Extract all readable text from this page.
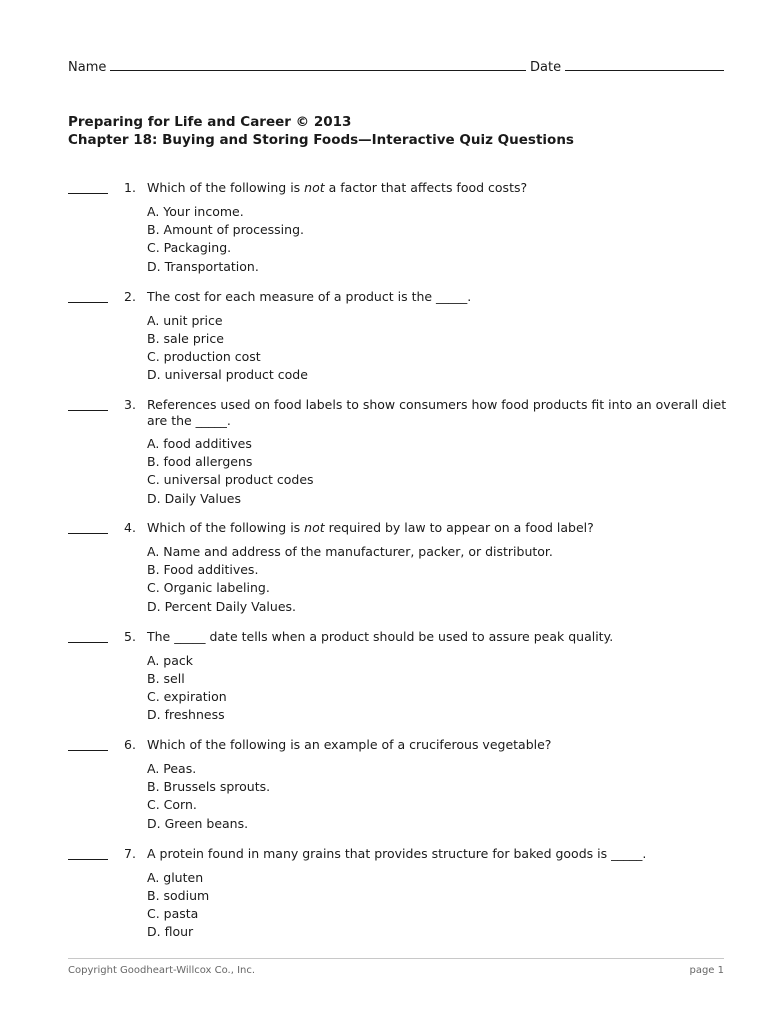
Name	Date
Preparing for Life and Career © 2013
Chapter 18: Buying and Storing Foods—Interactive Quiz Questions
1. Which of the following is not a factor that affects food costs?
A. Your income.
B. Amount of processing.
C. Packaging.
D. Transportation.
2. The cost for each measure of a product is the _____.
A. unit price
B. sale price
C. production cost
D. universal product code
3. References used on food labels to show consumers how food products fit into an overall diet are the _____.
A. food additives
B. food allergens
C. universal product codes
D. Daily Values
4. Which of the following is not required by law to appear on a food label?
A. Name and address of the manufacturer, packer, or distributor.
B. Food additives.
C. Organic labeling.
D. Percent Daily Values.
5. The _____ date tells when a product should be used to assure peak quality.
A. pack
B. sell
C. expiration
D. freshness
6. Which of the following is an example of a cruciferous vegetable?
A. Peas.
B. Brussels sprouts.
C. Corn.
D. Green beans.
7. A protein found in many grains that provides structure for baked goods is _____.
A. gluten
B. sodium
C. pasta
D. flour
Copyright Goodheart-Willcox Co., Inc.	page 1
